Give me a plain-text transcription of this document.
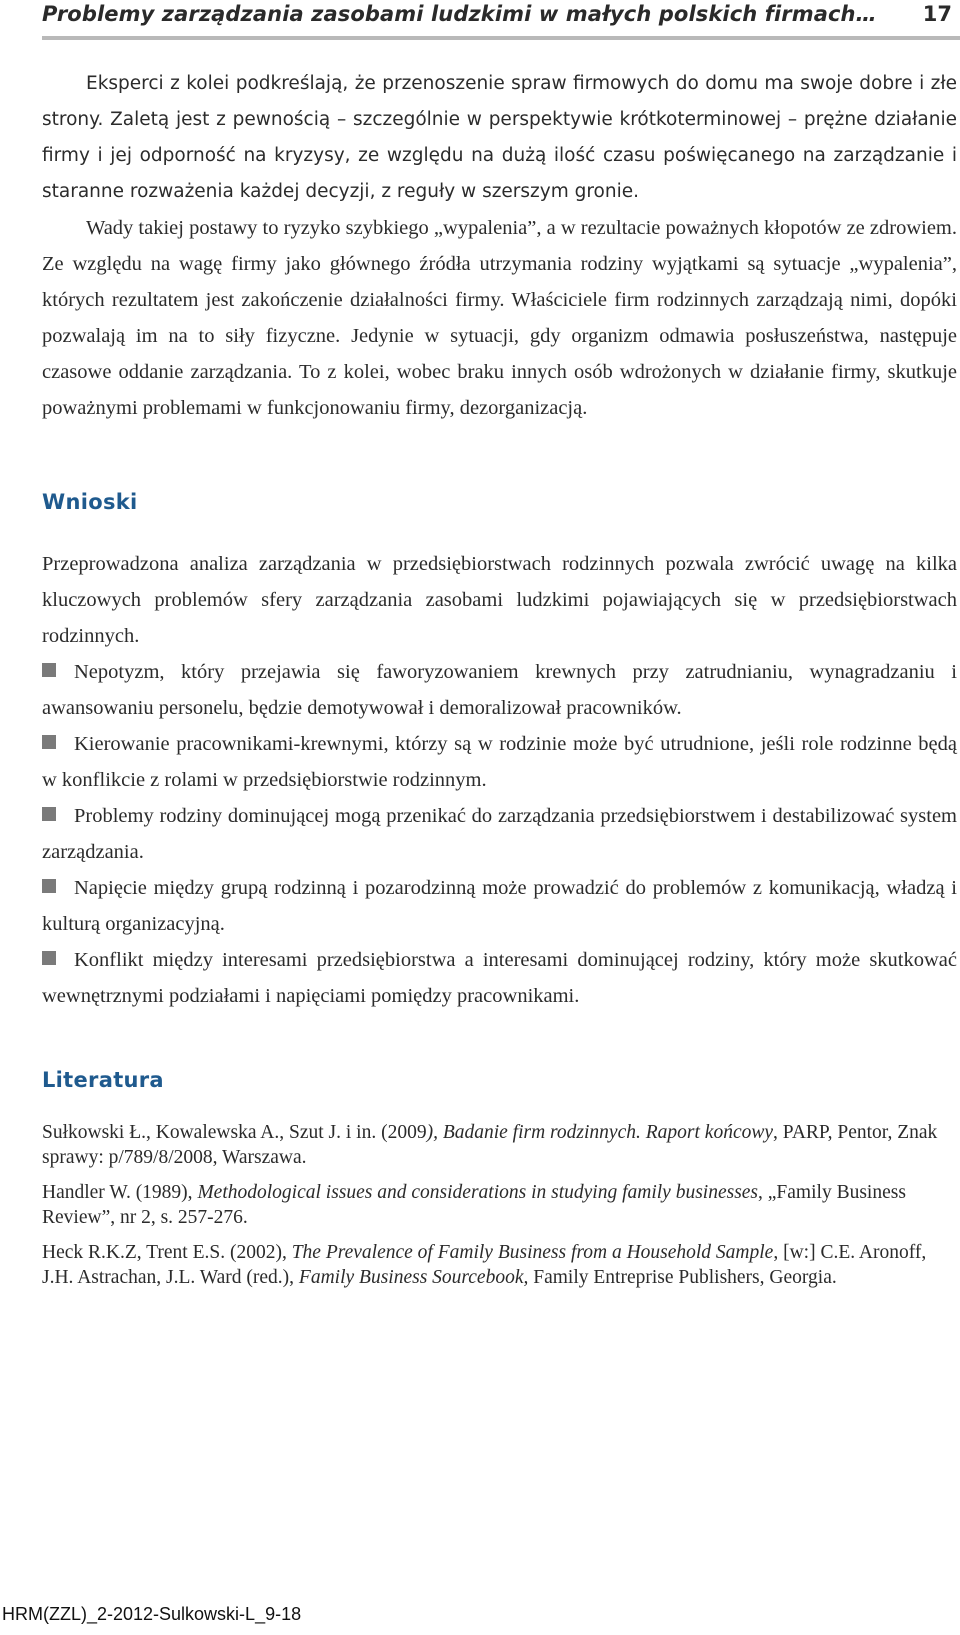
Problemy zarządzania zasobami ludzkimi w małych polskich firmach… 17

Eksperci z kolei podkreślają, że przenoszenie spraw firmowych do domu ma swoje dobre i złe strony. Zaletą jest z pewnością – szczególnie w perspektywie krótkoterminowej – prężne działanie firmy i jej odporność na kryzysy, ze względu na dużą ilość czasu poświęcanego na zarządzanie i staranne rozważenia każdej decyzji, z reguły w szerszym gronie.

Wady takiej postawy to ryzyko szybkiego „wypalenia”, a w rezultacie poważnych kłopotów ze zdrowiem. Ze względu na wagę firmy jako głównego źródła utrzymania rodziny wyjątkami są sytuacje „wypalenia”, których rezultatem jest zakończenie działalności firmy. Właściciele firm rodzinnych zarządzają nimi, dopóki pozwalają im na to siły fizyczne. Jedynie w sytuacji, gdy organizm odmawia posłuszeństwa, następuje czasowe oddanie zarządzania. To z kolei, wobec braku innych osób wdrożonych w działanie firmy, skutkuje poważnymi problemami w funkcjonowaniu firmy, dezorganizacją.

Wnioski

Przeprowadzona analiza zarządzania w przedsiębiorstwach rodzinnych pozwala zwrócić uwagę na kilka kluczowych problemów sfery zarządzania zasobami ludzkimi pojawiających się w przedsiębiorstwach rodzinnych.

Nepotyzm, który przejawia się faworyzowaniem krewnych przy zatrudnianiu, wynagradzaniu i awansowaniu personelu, będzie demotywował i demoralizował pracowników.

Kierowanie pracownikami-krewnymi, którzy są w rodzinie może być utrudnione, jeśli role rodzinne będą w konflikcie z rolami w przedsiębiorstwie rodzinnym.

Problemy rodziny dominującej mogą przenikać do zarządzania przedsiębiorstwem i destabilizować system zarządzania.

Napięcie między grupą rodzinną i pozarodzinną może prowadzić do problemów z komunikacją, władzą i kulturą organizacyjną.

Konflikt między interesami przedsiębiorstwa a interesami dominującej rodziny, który może skutkować wewnętrznymi podziałami i napięciami pomiędzy pracownikami.

Literatura

Sułkowski Ł., Kowalewska A., Szut J. i in. (2009), Badanie firm rodzinnych. Raport końcowy, PARP, Pentor, Znak sprawy: p/789/8/2008, Warszawa.

Handler W. (1989), Methodological issues and considerations in studying family businesses, „Family Business Review”, nr 2, s. 257-276.

Heck R.K.Z, Trent E.S. (2002), The Prevalence of Family Business from a Household Sample, [w:] C.E. Aronoff, J.H. Astrachan, J.L. Ward (red.), Family Business Sourcebook, Family Entreprise Publishers, Georgia.

HRM(ZZL)_2-2012-Sulkowski-L_9-18
